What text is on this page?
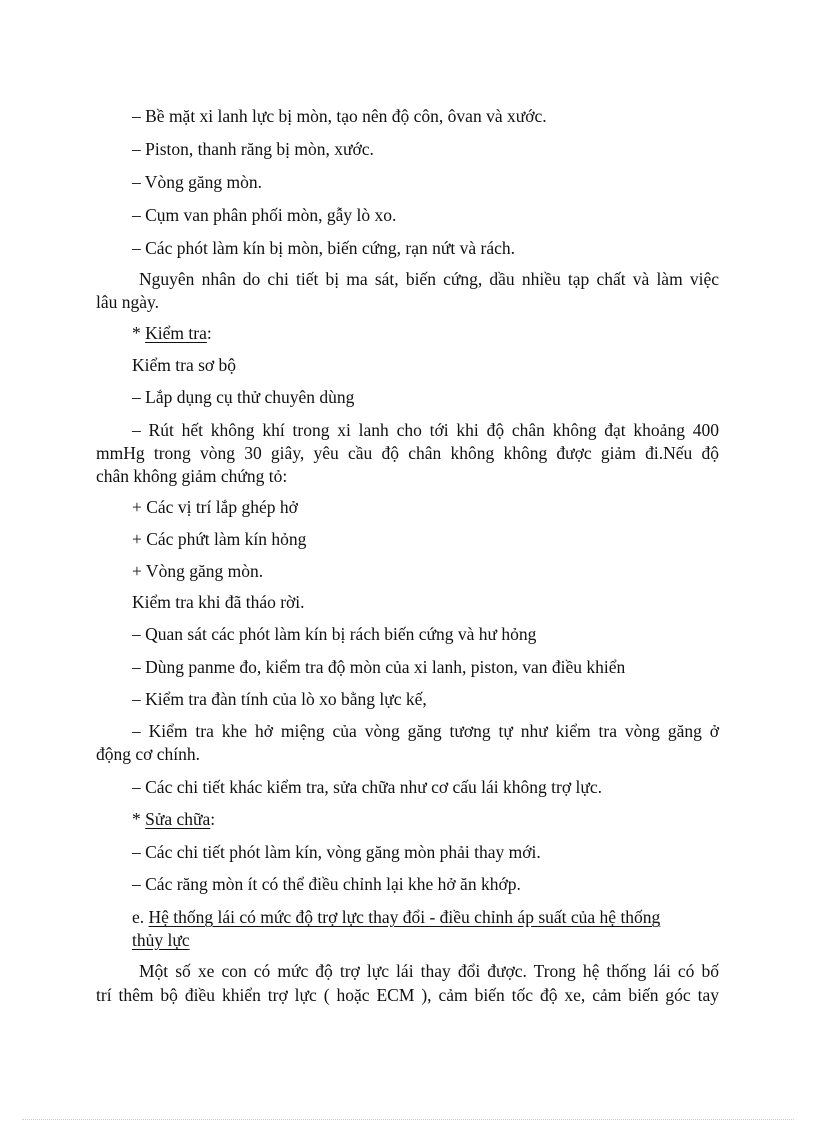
– Bề mặt xi lanh lực bị mòn, tạo nên độ côn, ôvan và xước.
– Piston, thanh răng bị mòn, xước.
– Vòng găng mòn.
– Cụm van phân phối mòn, gẫy lò xo.
– Các phót làm kín bị mòn, biến cứng, rạn nứt và rách.
Nguyên nhân do chi tiết bị ma sát, biến cứng, dầu nhiều tạp chất và làm việc
lâu ngày.
* Kiểm tra:
Kiểm tra sơ bộ
– Lắp dụng cụ thử chuyên dùng
– Rút hết không khí trong xi lanh cho tới khi độ chân không đạt khoảng 400
mmHg trong vòng 30 giây, yêu cầu độ chân không không được giảm đi.Nếu độ
chân không giảm chứng tỏ:
+ Các vị trí lắp ghép hở
+ Các phứt làm kín hỏng
+ Vòng găng mòn.
Kiểm tra khi đã tháo rời.
– Quan sát các phót làm kín bị rách biến cứng và hư hỏng
– Dùng panme đo, kiểm tra độ mòn của xi lanh, piston, van điều khiển
– Kiểm tra đàn tính của lò xo bằng lực kế,
– Kiểm tra khe hở miệng của vòng găng tương tự như kiểm tra vòng găng ở
động cơ chính.
– Các chi tiết khác kiểm tra, sửa chữa như cơ cấu lái không trợ lực.
* Sửa chữa:
– Các chi tiết phót làm kín, vòng găng mòn phải thay mới.
– Các răng mòn ít có thể điều chỉnh lại khe hở ăn khớp.
e. Hệ thống lái có mức độ trợ lực thay đổi - điều chỉnh áp suất của hệ thống
thủy lực
Một số xe con có mức độ trợ lực lái thay đổi được. Trong hệ thống lái có bố
trí thêm bộ điều khiển trợ lực ( hoặc ECM ), cảm biến tốc độ xe, cảm biến góc tay
